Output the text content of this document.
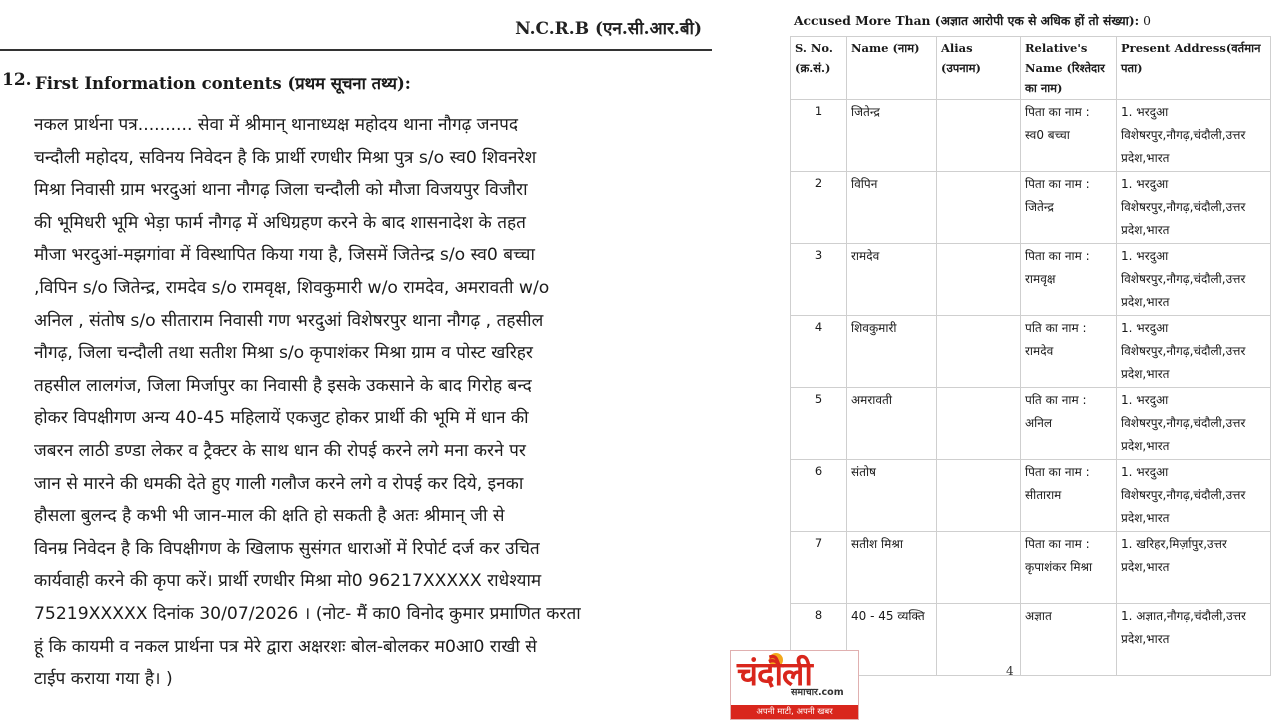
N.C.R.B (एन.सी.आर.बी)
12. First Information contents (प्रथम सूचना तथ्य):
नकल प्रार्थना पत्र.......... सेवा में श्रीमान् थानाध्यक्ष महोदय थाना नौगढ़ जनपद
चन्दौली महोदय, सविनय निवेदन है कि प्रार्थी रणधीर मिश्रा पुत्र s/o स्व0 शिवनरेश
मिश्रा निवासी ग्राम भरदुआं थाना नौगढ़ जिला चन्दौली को मौजा विजयपुर विजौरा
की भूमिधरी भूमि भेड़ा फार्म नौगढ़ में अधिग्रहण करने के बाद शासनादेश के तहत
मौजा भरदुआं-मझगांवा में विस्थापित किया गया है, जिसमें जितेन्द्र s/o स्व0 बच्चा
,विपिन s/o जितेन्द्र, रामदेव s/o रामवृक्ष, शिवकुमारी w/o रामदेव, अमरावती w/o
अनिल , संतोष s/o सीताराम निवासी गण भरदुआं विशेषरपुर थाना नौगढ़ , तहसील
नौगढ़, जिला चन्दौली तथा सतीश मिश्रा s/o कृपाशंकर मिश्रा ग्राम व पोस्ट खरिहर
तहसील लालगंज, जिला मिर्जापुर का निवासी है इसके उकसाने के बाद गिरोह बन्द
होकर विपक्षीगण अन्य 40-45 महिलायें एकजुट होकर प्रार्थी की भूमि में धान की
जबरन लाठी डण्डा लेकर व ट्रैक्टर के साथ धान की रोपई करने लगे मना करने पर
जान से मारने की धमकी देते हुए गाली गलौज करने लगे व रोपई कर दिये, इनका
हौसला बुलन्द है कभी भी जान-माल की क्षति हो सकती है अतः श्रीमान् जी से
विनम्र निवेदन है कि विपक्षीगण के खिलाफ सुसंगत धाराओं में रिपोर्ट दर्ज कर उचित
कार्यवाही करने की कृपा करें। प्रार्थी रणधीर मिश्रा मो0 96217XXXXX राधेश्याम
75219XXXXX दिनांक 30/07/2026 । (नोट- मैं का0 विनोद कुमार प्रमाणित करता
हूं कि कायमी व नकल प्रार्थना पत्र मेरे द्वारा अक्षरशः बोल-बोलकर म0आ0 राखी से
टाईप कराया गया है। )
Accused More Than (अज्ञात आरोपी एक से अधिक हों तो संख्या): 0
S. No. (क्र.सं.)	Name (नाम)	Alias (उपनाम)	Relative's Name (रिश्तेदार का नाम)	Present Address(वर्तमान पता)
1	जितेन्द्र		पिता का नाम : स्व0 बच्चा	1. भरदुआ विशेषरपुर,नौगढ़,चंदौली,उत्तर प्रदेश,भारत
2	विपिन		पिता का नाम : जितेन्द्र	1. भरदुआ विशेषरपुर,नौगढ़,चंदौली,उत्तर प्रदेश,भारत
3	रामदेव		पिता का नाम : रामवृक्ष	1. भरदुआ विशेषरपुर,नौगढ़,चंदौली,उत्तर प्रदेश,भारत
4	शिवकुमारी		पति का नाम : रामदेव	1. भरदुआ विशेषरपुर,नौगढ़,चंदौली,उत्तर प्रदेश,भारत
5	अमरावती		पति का नाम : अनिल	1. भरदुआ विशेषरपुर,नौगढ़,चंदौली,उत्तर प्रदेश,भारत
6	संतोष		पिता का नाम : सीताराम	1. भरदुआ विशेषरपुर,नौगढ़,चंदौली,उत्तर प्रदेश,भारत
7	सतीश मिश्रा		पिता का नाम : कृपाशंकर मिश्रा	1. खरिहर,मिर्ज़ापुर,उत्तर प्रदेश,भारत
8	40 - 45 व्यक्ति		अज्ञात	1. अज्ञात,नौगढ़,चंदौली,उत्तर प्रदेश,भारत
4
चंदौली
समाचार.com
अपनी माटी, अपनी खबर
